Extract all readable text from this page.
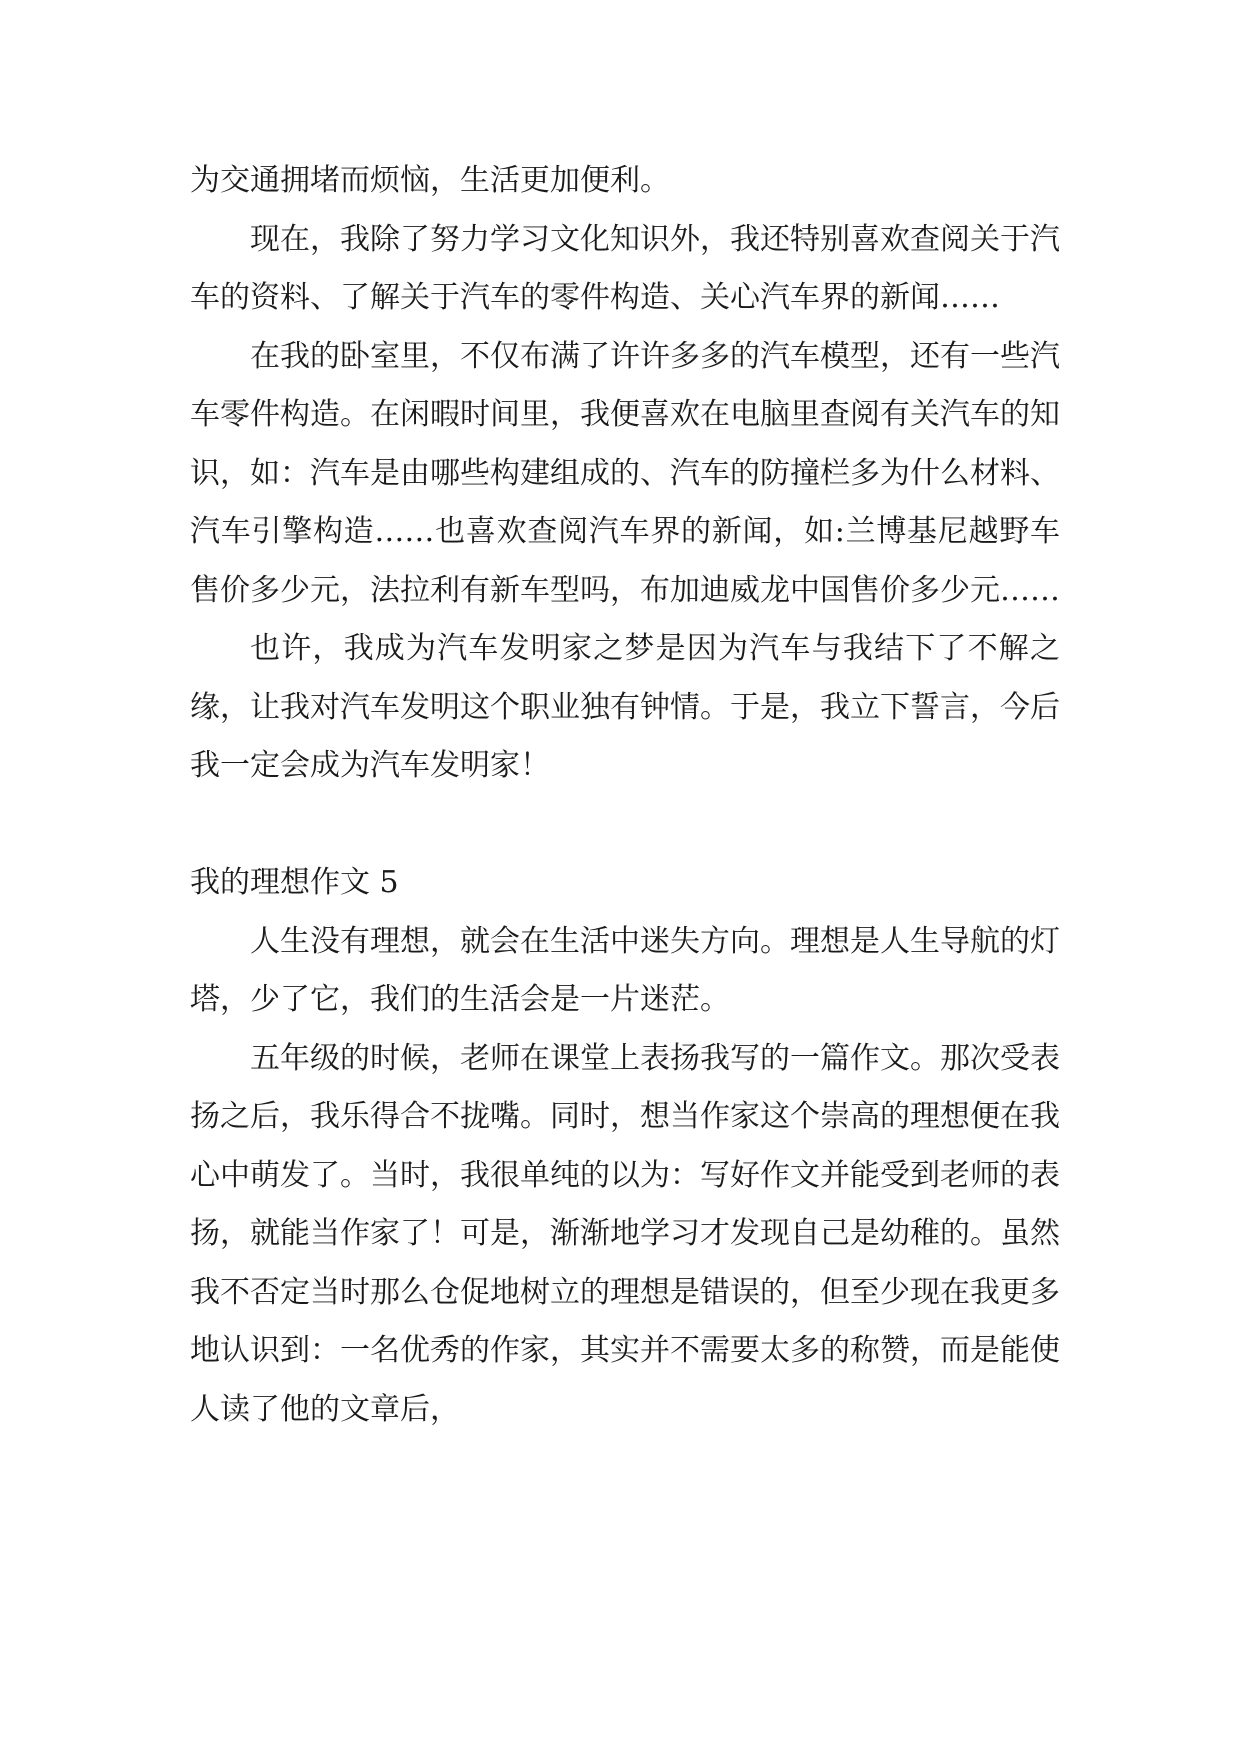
为交通拥堵而烦恼，生活更加便利。

现在，我除了努力学习文化知识外，我还特别喜欢查阅关于汽车的资料、了解关于汽车的零件构造、关心汽车界的新闻……

在我的卧室里，不仅布满了许许多多的汽车模型，还有一些汽车零件构造。在闲暇时间里，我便喜欢在电脑里查阅有关汽车的知识，如：汽车是由哪些构建组成的、汽车的防撞栏多为什么材料、汽车引擎构造……也喜欢查阅汽车界的新闻，如:兰博基尼越野车售价多少元，法拉利有新车型吗，布加迪威龙中国售价多少元……

也许，我成为汽车发明家之梦是因为汽车与我结下了不解之缘，让我对汽车发明这个职业独有钟情。于是，我立下誓言，今后我一定会成为汽车发明家！

我的理想作文 5

人生没有理想，就会在生活中迷失方向。理想是人生导航的灯塔，少了它，我们的生活会是一片迷茫。

五年级的时候，老师在课堂上表扬我写的一篇作文。那次受表扬之后，我乐得合不拢嘴。同时，想当作家这个崇高的理想便在我心中萌发了。当时，我很单纯的以为：写好作文并能受到老师的表扬，就能当作家了！可是，渐渐地学习才发现自己是幼稚的。虽然我不否定当时那么仓促地树立的理想是错误的，但至少现在我更多地认识到：一名优秀的作家，其实并不需要太多的称赞，而是能使人读了他的文章后，
